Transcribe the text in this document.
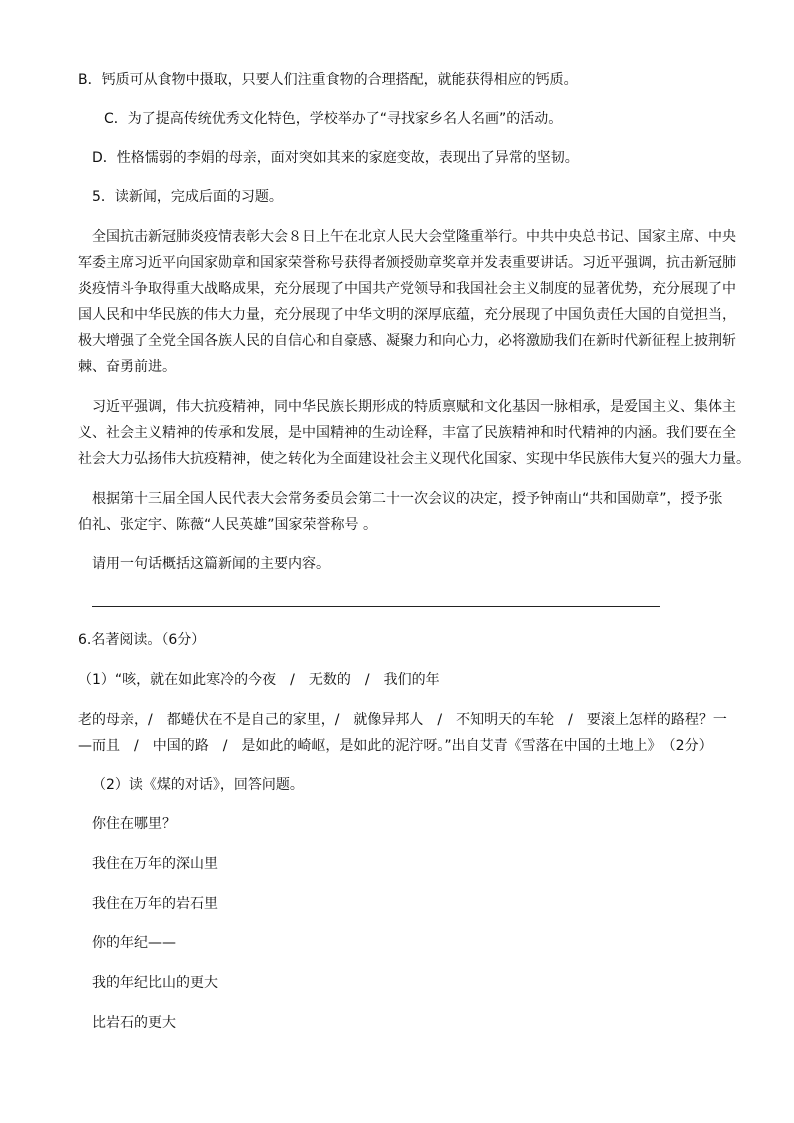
B．钙质可从食物中摄取，只要人们注重食物的合理搭配，就能获得相应的钙质。
C．为了提高传统优秀文化特色，学校举办了“寻找家乡名人名画”的活动。
D．性格懦弱的李娟的母亲，面对突如其来的家庭变故，表现出了异常的坚韧。
5．读新闻，完成后面的习题。
全国抗击新冠肺炎疫情表彰大会８日上午在北京人民大会堂隆重举行。中共中央总书记、国家主席、中央
军委主席习近平向国家勋章和国家荣誉称号获得者颁授勋章奖章并发表重要讲话。习近平强调，抗击新冠肺
炎疫情斗争取得重大战略成果，充分展现了中国共产党领导和我国社会主义制度的显著优势，充分展现了中
国人民和中华民族的伟大力量，充分展现了中华文明的深厚底蕴，充分展现了中国负责任大国的自觉担当，
极大增强了全党全国各族人民的自信心和自豪感、凝聚力和向心力，必将激励我们在新时代新征程上披荆斩
棘、奋勇前进。
习近平强调，伟大抗疫精神，同中华民族长期形成的特质禀赋和文化基因一脉相承，是爱国主义、集体主
义、社会主义精神的传承和发展，是中国精神的生动诠释，丰富了民族精神和时代精神的内涵。我们要在全
社会大力弘扬伟大抗疫精神，使之转化为全面建设社会主义现代化国家、实现中华民族伟大复兴的强大力量。
根据第十三届全国人民代表大会常务委员会第二十一次会议的决定，授予钟南山“共和国勋章”，授予张
伯礼、张定宇、陈薇“人民英雄”国家荣誉称号 。
请用一句话概括这篇新闻的主要内容。
6.名著阅读。（6分）
（1）“咳，就在如此寒冷的今夜　/　无数的　/　我们的年
老的母亲，/　都蜷伏在不是自己的家里，/　就像异邦人　/　不知明天的车轮　/　要滚上怎样的路程？一
—而且　/　中国的路　/　是如此的崎岖，是如此的泥泞呀。”出自艾青《雪落在中国的土地上》　（2分）
（2）读《煤的对话》，回答问题。
你住在哪里？
我住在万年的深山里
我住在万年的岩石里
你的年纪——
我的年纪比山的更大
比岩石的更大
